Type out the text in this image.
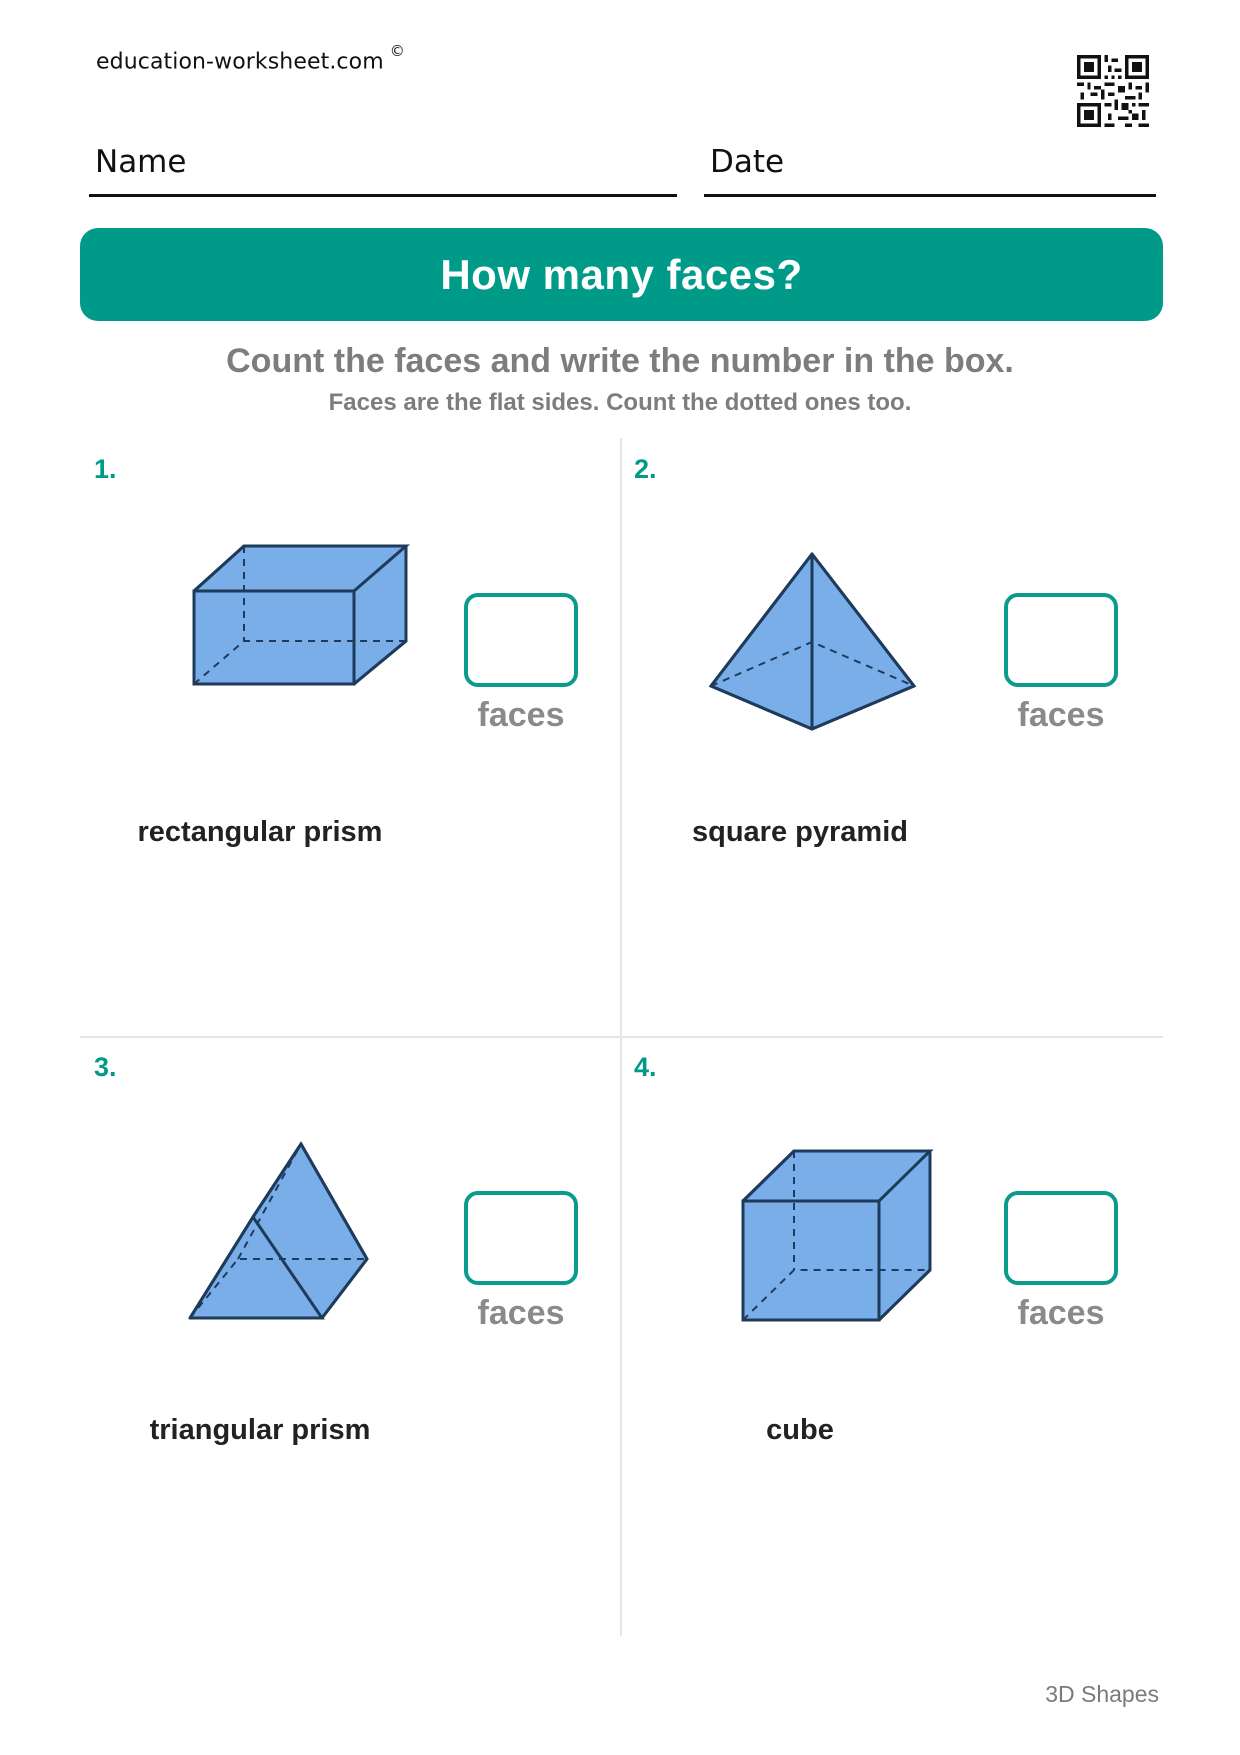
education-worksheet.com ©
Name	Date
How many faces?
Count the faces and write the number in the box.
Faces are the flat sides. Count the dotted ones too.
1.
faces
rectangular prism
2.
faces
square pyramid
3.
faces
triangular prism
4.
faces
cube
3D Shapes
